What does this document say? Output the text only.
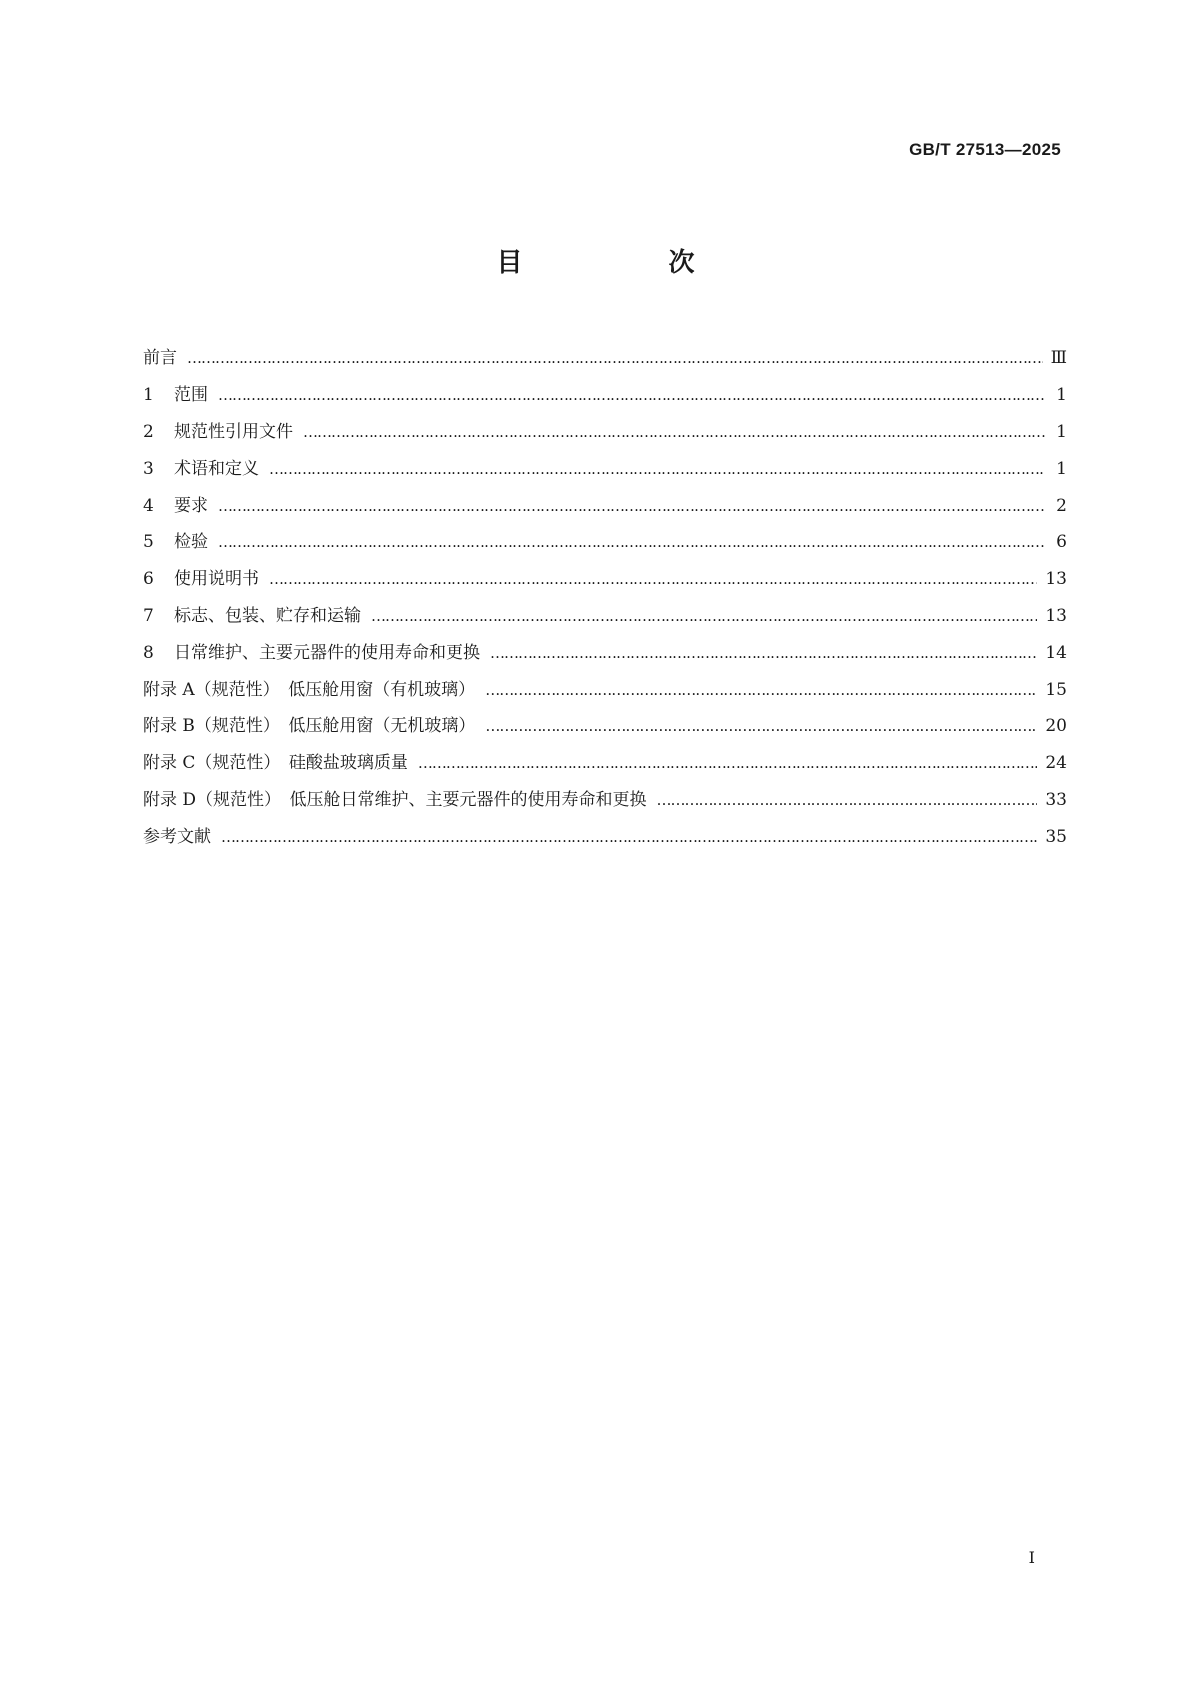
GB/T 27513—2025
目　次
前言 …………………………………………………………………………………………………………………………………………………………………………………………………………………………………………	Ⅲ
1	范围 …………………………………………………………………………………………………………………………………………………………………………………………………………………………………………	1
2	规范性引用文件 …………………………………………………………………………………………………………………………………………………………………………………………………………………………………………	1
3	术语和定义 …………………………………………………………………………………………………………………………………………………………………………………………………………………………………………	1
4	要求 …………………………………………………………………………………………………………………………………………………………………………………………………………………………………………	2
5	检验 …………………………………………………………………………………………………………………………………………………………………………………………………………………………………………	6
6	使用说明书 …………………………………………………………………………………………………………………………………………………………………………………………………………………………………………	13
7	标志、包装、贮存和运输 …………………………………………………………………………………………………………………………………………………………………………………………………………………………………………	13
8	日常维护、主要元器件的使用寿命和更换 …………………………………………………………………………………………………………………………………………………………………………………………………………………………………………	14
附录 A（规范性）　低压舱用窗（有机玻璃） …………………………………………………………………………………………………………………………………………………………………………………………………………………………………………	15
附录 B（规范性）　低压舱用窗（无机玻璃） …………………………………………………………………………………………………………………………………………………………………………………………………………………………………………	20
附录 C（规范性）　硅酸盐玻璃质量 …………………………………………………………………………………………………………………………………………………………………………………………………………………………………………	24
附录 D（规范性）　低压舱日常维护、主要元器件的使用寿命和更换 …………………………………………………………………………………………………………………………………………………………………………………………………………………………………………	33
参考文献 …………………………………………………………………………………………………………………………………………………………………………………………………………………………………………	35
I
